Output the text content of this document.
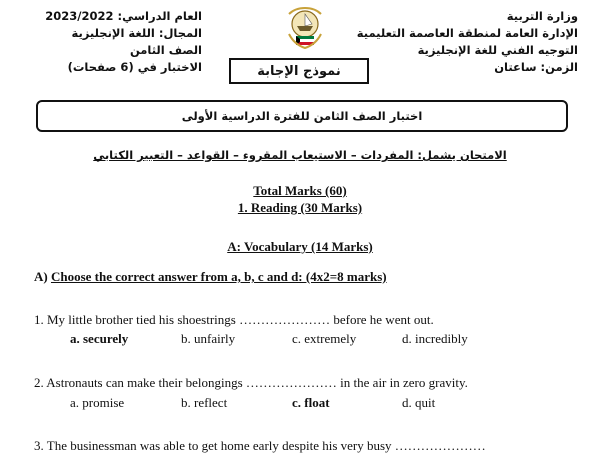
وزارة التربية
الإدارة العامة لمنطقة العاصمة التعليمية
التوجيه الفني للغة الإنجليزية
الزمن: ساعتان
العام الدراسي: 2023/2022
المجال: اللغة الإنجليزية
الصف الثامن
الاختبار في (6 صفحات)	نموذج الإجابة
اختبار الصف الثامن للفترة الدراسية الأولى
الامتحان يشمل: المفردات – الاستيعاب المقروء – القواعد – التعبير الكتابي
Total Marks (60)
1. Reading (30 Marks)
A: Vocabulary (14 Marks)
A) Choose the correct answer from a, b, c and d: (4x2=8 marks)
1. My little brother tied his shoestrings ………………… before he went out.
a. securely	b. unfairly	c. extremely	d. incredibly
2. Astronauts can make their belongings ………………… in the air in zero gravity.
a. promise	b. reflect	c. float	d. quit
3. The businessman was able to get home early despite his very busy …………………
